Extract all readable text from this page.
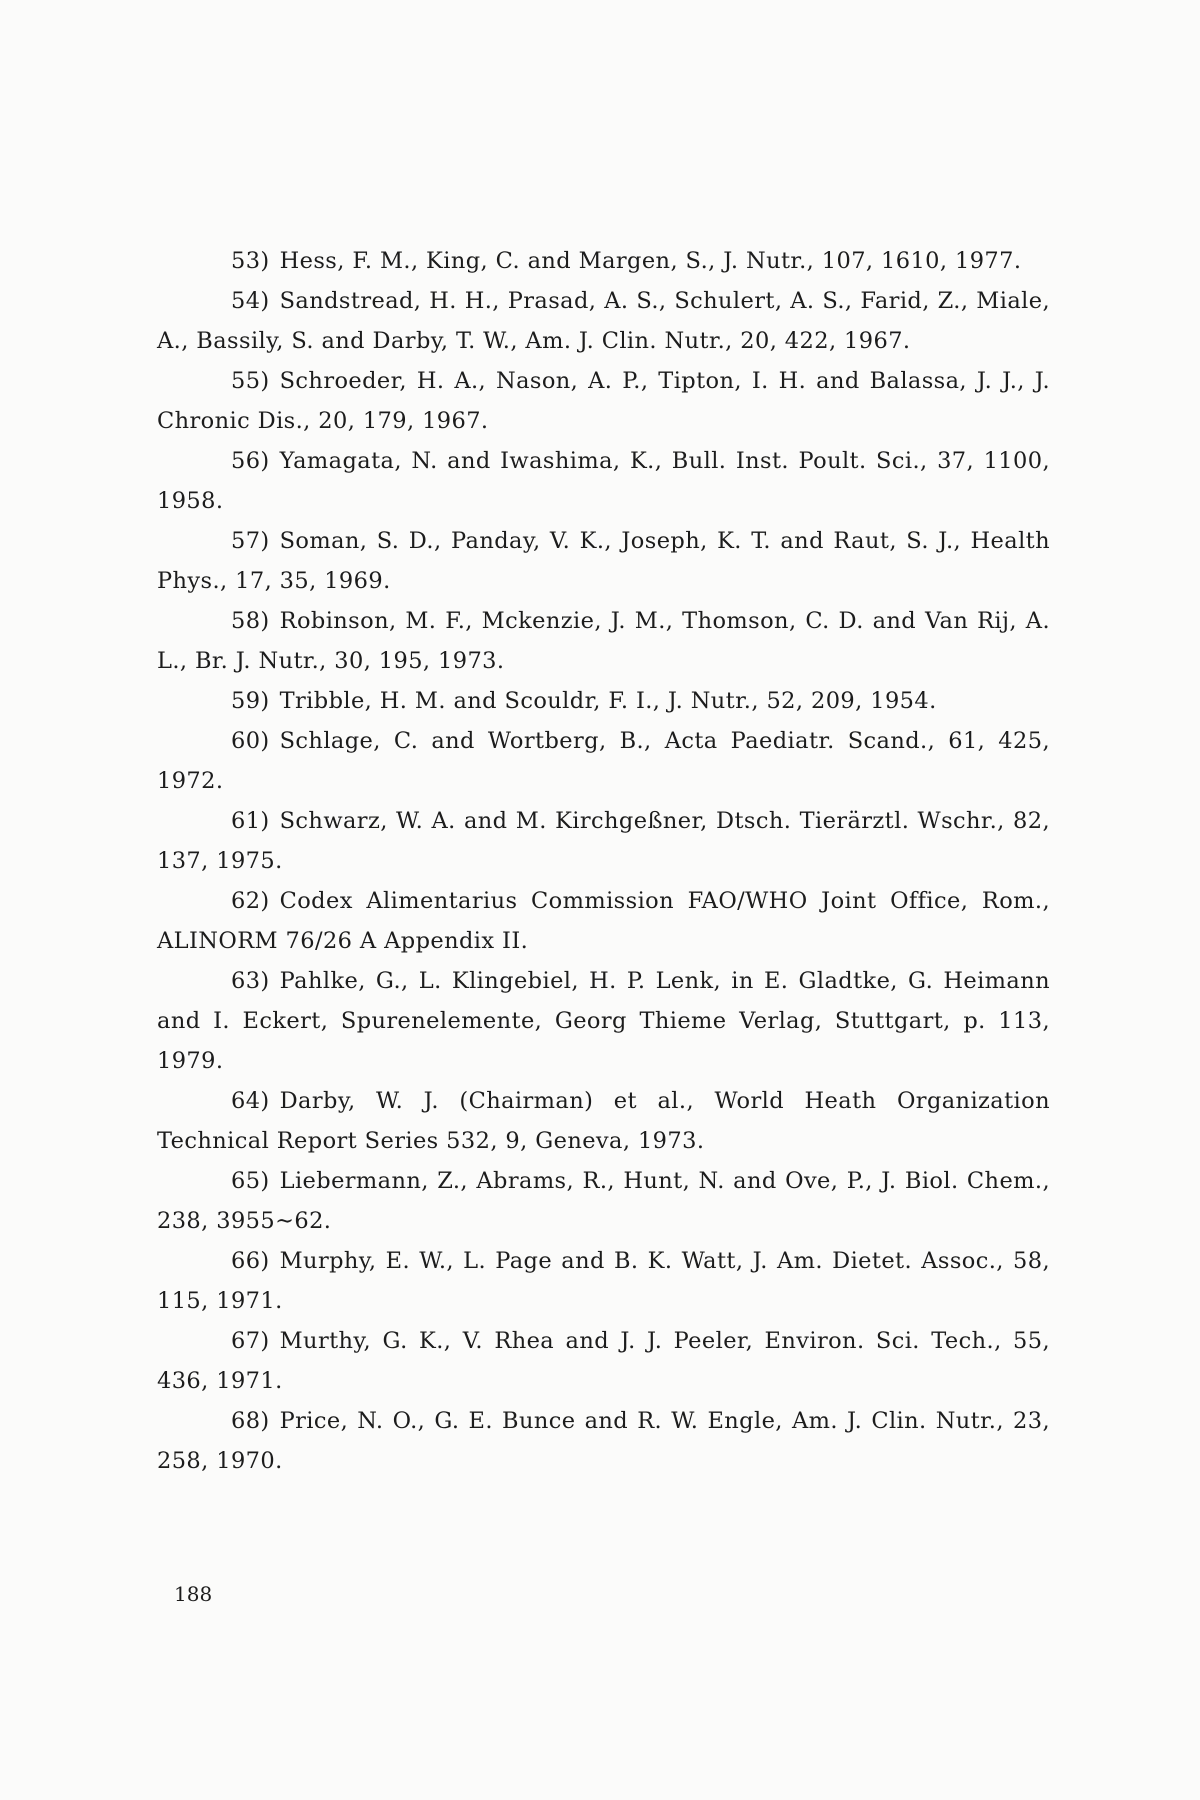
53) Hess, F. M., King, C. and Margen, S., J. Nutr., 107, 1610, 1977.

54) Sandstread, H. H., Prasad, A. S., Schulert, A. S., Farid, Z., Miale, A., Bassily, S. and Darby, T. W., Am. J. Clin. Nutr., 20, 422, 1967.

55) Schroeder, H. A., Nason, A. P., Tipton, I. H. and Balassa, J. J., J. Chronic Dis., 20, 179, 1967.

56) Yamagata, N. and Iwashima, K., Bull. Inst. Poult. Sci., 37, 1100, 1958.

57) Soman, S. D., Panday, V. K., Joseph, K. T. and Raut, S. J., Health Phys., 17, 35, 1969.

58) Robinson, M. F., Mckenzie, J. M., Thomson, C. D. and Van Rij, A. L., Br. J. Nutr., 30, 195, 1973.

59) Tribble, H. M. and Scouldr, F. I., J. Nutr., 52, 209, 1954.

60) Schlage, C. and Wortberg, B., Acta Paediatr. Scand., 61, 425, 1972.

61) Schwarz, W. A. and M. Kirchgeßner, Dtsch. Tierärztl. Wschr., 82, 137, 1975.

62) Codex Alimentarius Commission FAO/WHO Joint Office, Rom., ALINORM 76/26 A Appendix II.

63) Pahlke, G., L. Klingebiel, H. P. Lenk, in E. Gladtke, G. Heimann and I. Eckert, Spurenelemente, Georg Thieme Verlag, Stuttgart, p. 113, 1979.

64) Darby, W. J. (Chairman) et al., World Heath Organization Technical Report Series 532, 9, Geneva, 1973.

65) Liebermann, Z., Abrams, R., Hunt, N. and Ove, P., J. Biol. Chem., 238, 3955∼62.

66) Murphy, E. W., L. Page and B. K. Watt, J. Am. Dietet. Assoc., 58, 115, 1971.

67) Murthy, G. K., V. Rhea and J. J. Peeler, Environ. Sci. Tech., 55, 436, 1971.

68) Price, N. O., G. E. Bunce and R. W. Engle, Am. J. Clin. Nutr., 23, 258, 1970.

188
